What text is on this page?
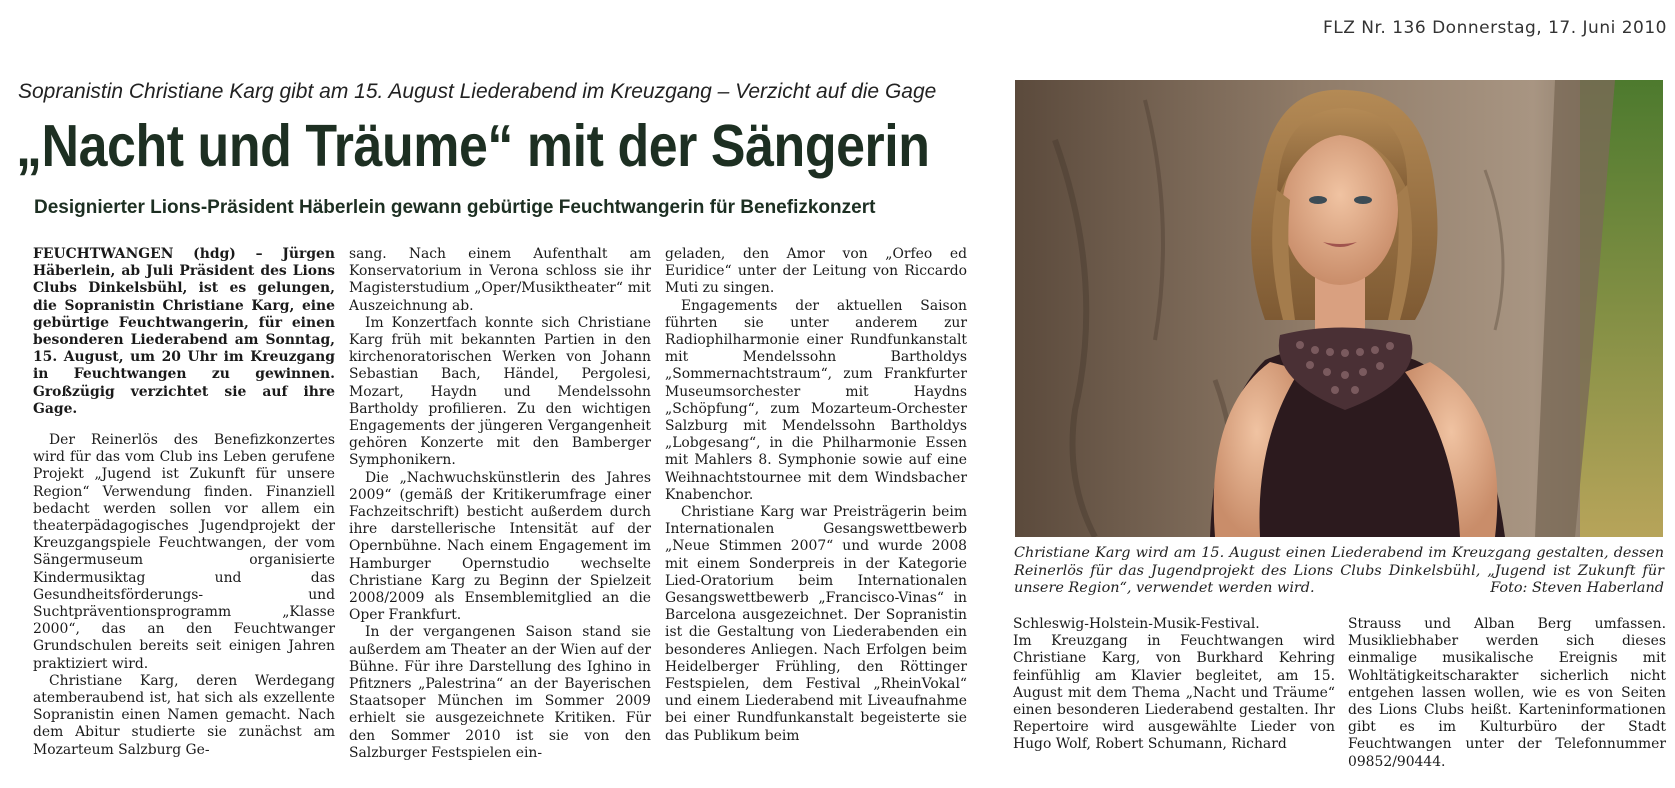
FLZ Nr. 136 Donnerstag, 17. Juni 2010
Sopranistin Christiane Karg gibt am 15. August Liederabend im Kreuzgang – Verzicht auf die Gage
„Nacht und Träume“ mit der Sängerin
Designierter Lions-Präsident Häberlein gewann gebürtige Feuchtwangerin für Benefizkonzert

FEUCHTWANGEN (hdg) – Jürgen Häberlein, ab Juli Präsident des Lions Clubs Dinkelsbühl, ist es gelungen, die Sopranistin Christiane Karg, eine gebürtige Feuchtwangerin, für einen besonderen Liederabend am Sonntag, 15. August, um 20 Uhr im Kreuzgang in Feuchtwangen zu gewinnen. Großzügig verzichtet sie auf ihre Gage.

Der Reinerlös des Benefizkonzertes wird für das vom Club ins Leben gerufene Projekt „Jugend ist Zukunft für unsere Region“ Verwendung finden. Finanziell bedacht werden sollen vor allem ein theaterpädagogisches Jugendprojekt der Kreuzgangspiele Feuchtwangen, der vom Sängermuseum organisierte Kindermusiktag und das Gesundheitsförderungs- und Suchtpräventionsprogramm „Klasse 2000“, das an den Feuchtwanger Grundschulen bereits seit einigen Jahren praktiziert wird.

Christiane Karg, deren Werdegang atemberaubend ist, hat sich als exzellente Sopranistin einen Namen gemacht. Nach dem Abitur studierte sie zunächst am Mozarteum Salzburg Ge-

sang. Nach einem Aufenthalt am Konservatorium in Verona schloss sie ihr Magisterstudium „Oper/Musiktheater“ mit Auszeichnung ab.

Im Konzertfach konnte sich Christiane Karg früh mit bekannten Partien in den kirchenoratorischen Werken von Johann Sebastian Bach, Händel, Pergolesi, Mozart, Haydn und Mendelssohn Bartholdy profilieren. Zu den wichtigen Engagements der jüngeren Vergangenheit gehören Konzerte mit den Bamberger Symphonikern.

Die „Nachwuchskünstlerin des Jahres 2009“ (gemäß der Kritikerumfrage einer Fachzeitschrift) besticht außerdem durch ihre darstellerische Intensität auf der Opernbühne. Nach einem Engagement im Hamburger Opernstudio wechselte Christiane Karg zu Beginn der Spielzeit 2008/2009 als Ensemblemitglied an die Oper Frankfurt.

In der vergangenen Saison stand sie außerdem am Theater an der Wien auf der Bühne. Für ihre Darstellung des Ighino in Pfitzners „Palestrina“ an der Bayerischen Staatsoper München im Sommer 2009 erhielt sie ausgezeichnete Kritiken. Für den Sommer 2010 ist sie von den Salzburger Festspielen ein-

geladen, den Amor von „Orfeo ed Euridice“ unter der Leitung von Riccardo Muti zu singen.

Engagements der aktuellen Saison führten sie unter anderem zur Radiophilharmonie einer Rundfunkanstalt mit Mendelssohn Bartholdys „Sommernachtstraum“, zum Frankfurter Museumsorchester mit Haydns „Schöpfung“, zum Mozarteum-Orchester Salzburg mit Mendelssohn Bartholdys „Lobgesang“, in die Philharmonie Essen mit Mahlers 8. Symphonie sowie auf eine Weihnachtstournee mit dem Windsbacher Knabenchor.

Christiane Karg war Preisträgerin beim Internationalen Gesangswettbewerb „Neue Stimmen 2007“ und wurde 2008 mit einem Sonderpreis in der Kategorie Lied-Oratorium beim Internationalen Gesangswettbewerb „Francisco-Vinas“ in Barcelona ausgezeichnet. Der Sopranistin ist die Gestaltung von Liederabenden ein besonderes Anliegen. Nach Erfolgen beim Heidelberger Frühling, den Röttinger Festspielen, dem Festival „RheinVokal“ und einem Liederabend mit Liveaufnahme bei einer Rundfunkanstalt begeisterte sie das Publikum beim

Christiane Karg wird am 15. August einen Liederabend im Kreuzgang gestalten, dessen Reinerlös für das Jugendprojekt des Lions Clubs Dinkelsbühl, „Jugend ist Zukunft für unsere Region“, verwendet werden wird.	Foto: Steven Haberland

Schleswig-Holstein-Musik-Festival.

Im Kreuzgang in Feuchtwangen wird Christiane Karg, von Burkhard Kehring feinfühlig am Klavier begleitet, am 15. August mit dem Thema „Nacht und Träume“ einen besonderen Liederabend gestalten. Ihr Repertoire wird ausgewählte Lieder von Hugo Wolf, Robert Schumann, Richard

Strauss und Alban Berg umfassen. Musikliebhaber werden sich dieses einmalige musikalische Ereignis mit Wohltätigkeitscharakter sicherlich nicht entgehen lassen wollen, wie es von Seiten des Lions Clubs heißt. Karteninformationen gibt es im Kulturbüro der Stadt Feuchtwangen unter der Telefonnummer 09852/90444.
